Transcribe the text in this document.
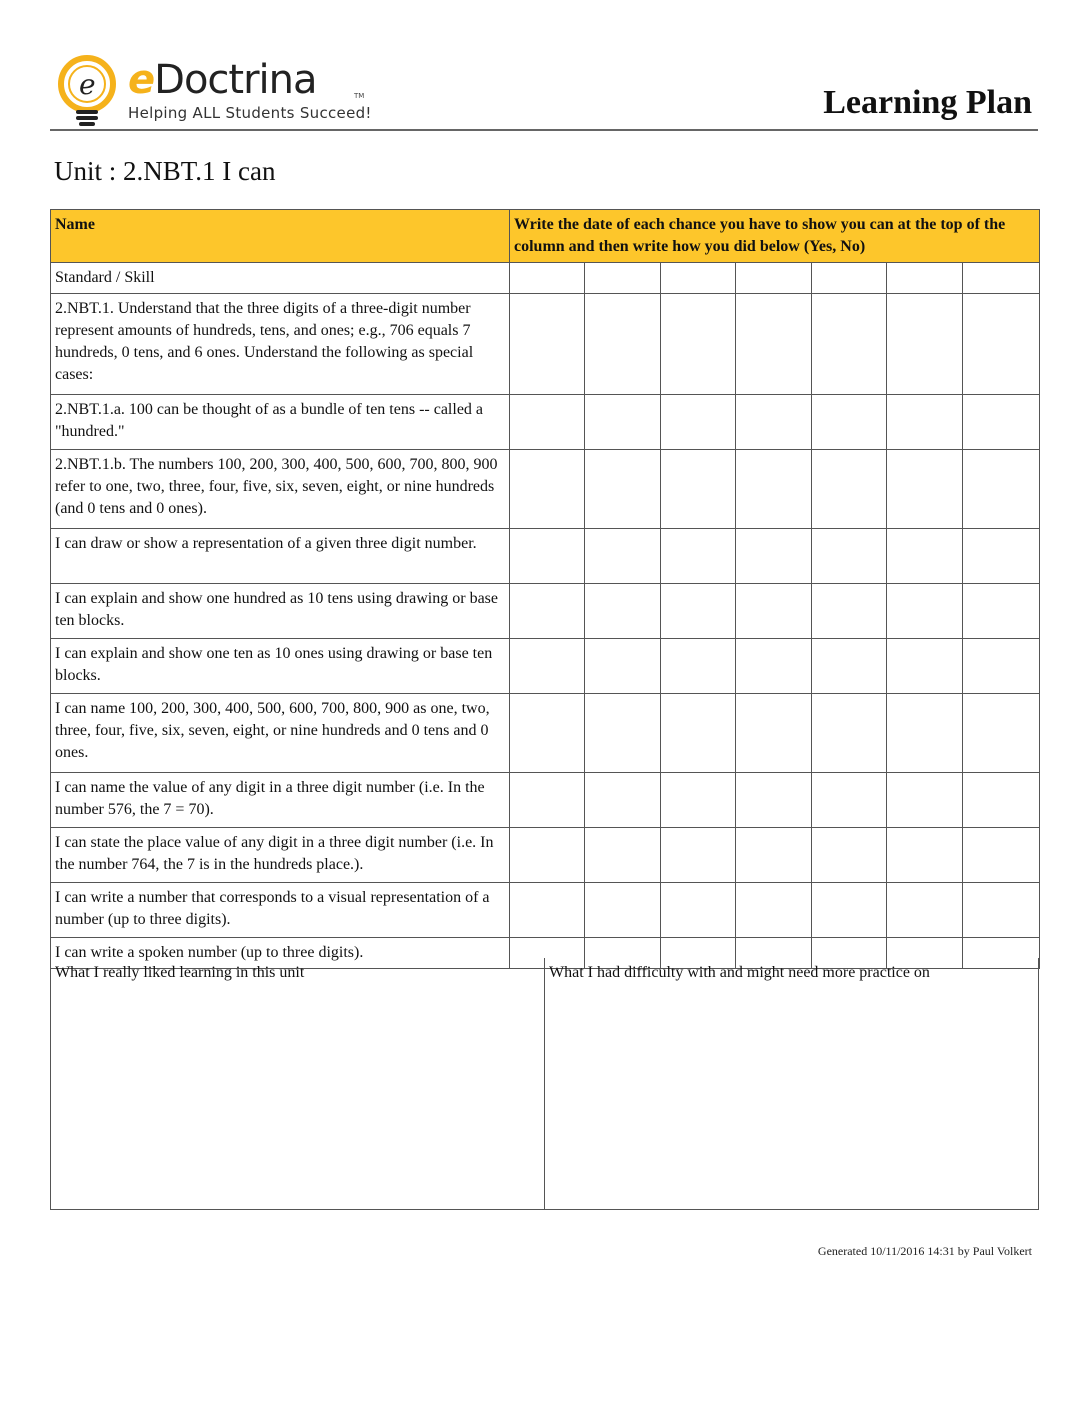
e eDoctrina
Helping ALL Students Succeed!
TM	Learning Plan
Unit : 2.NBT.1 I can
Name	Write the date of each chance you have to show you can at the top of the column and then write how you did below (Yes, No)						
Standard / Skill							
2.NBT.1. Understand that the three digits of a three-digit number represent amounts of hundreds, tens, and ones; e.g., 706 equals 7 hundreds, 0 tens, and 6 ones. Understand the following as special cases:							
2.NBT.1.a. 100 can be thought of as a bundle of ten tens -- called a "hundred."							
2.NBT.1.b. The numbers 100, 200, 300, 400, 500, 600, 700, 800, 900 refer to one, two, three, four, five, six, seven, eight, or nine hundreds (and 0 tens and 0 ones).							
I can draw or show a representation of a given three digit number.							
I can explain and show one hundred as 10 tens using drawing or base ten blocks.							
I can explain and show one ten as 10 ones using drawing or base ten blocks.							
I can name 100, 200, 300, 400, 500, 600, 700, 800, 900 as one, two, three, four, five, six, seven, eight, or nine hundreds and 0 tens and 0 ones.							
I can name the value of any digit in a three digit number (i.e. In the number 576, the 7 = 70).							
I can state the place value of any digit in a three digit number (i.e. In the number 764, the 7 is in the hundreds place.).							
I can write a number that corresponds to a visual representation of a number (up to three digits).							
I can write a spoken number (up to three digits).							
What I really liked learning in this unit	What I had difficulty with and might need more practice on
Generated 10/11/2016 14:31 by Paul Volkert
